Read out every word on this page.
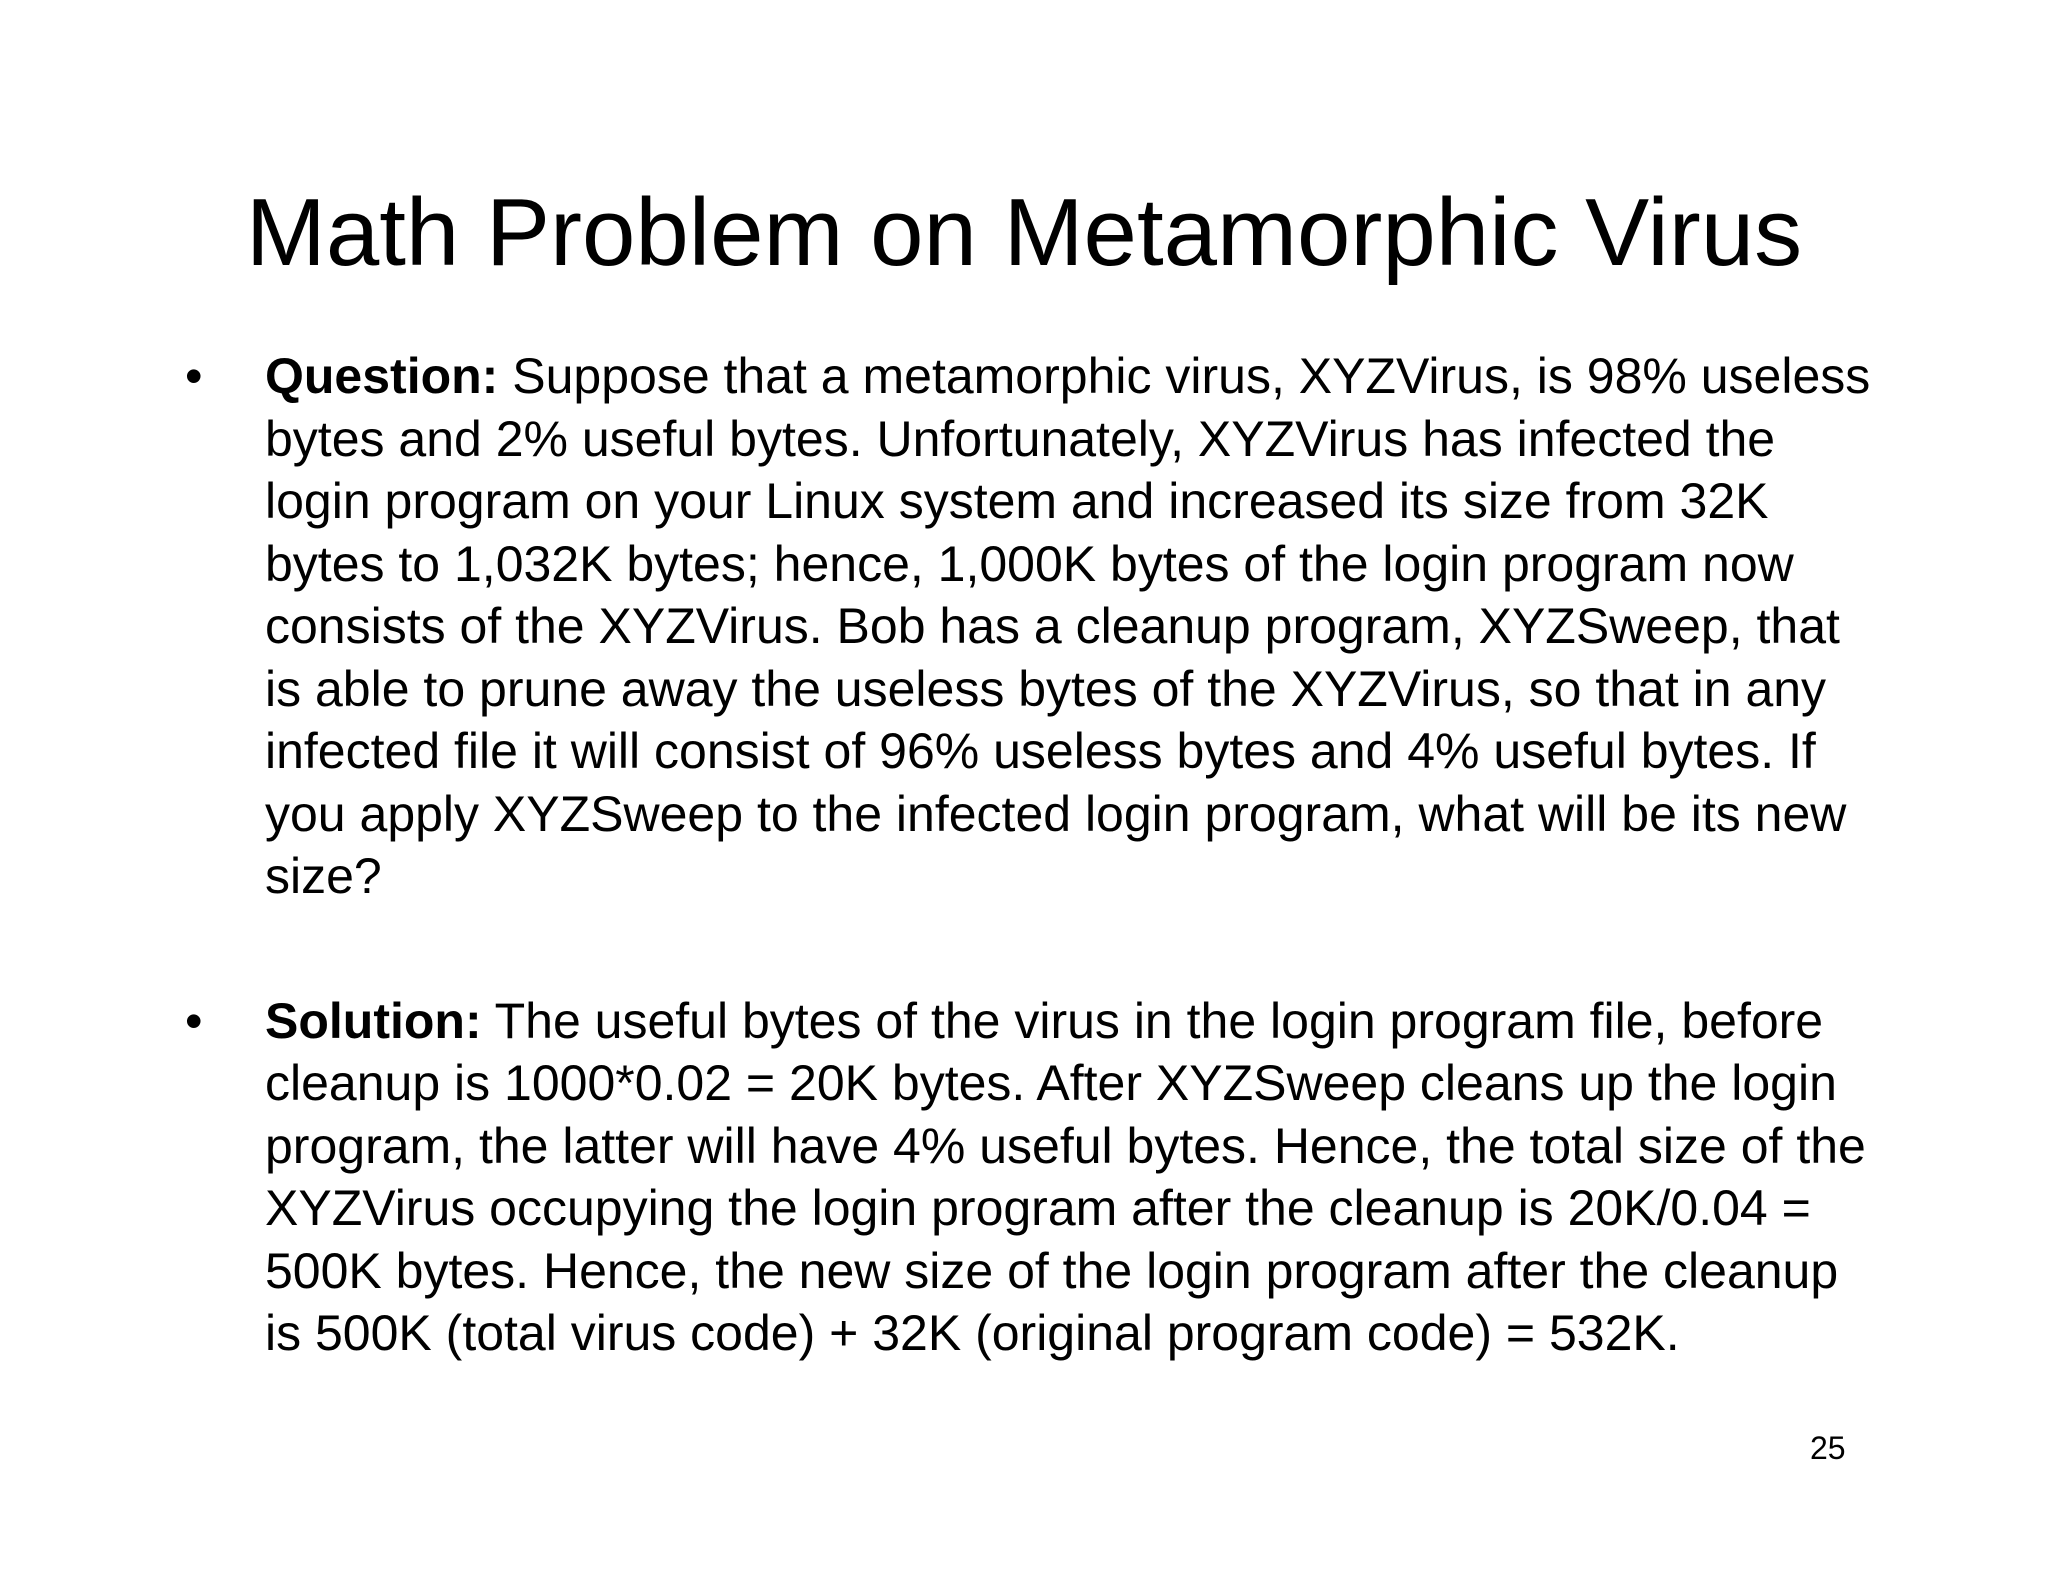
Math Problem on Metamorphic Virus
•	Question: Suppose that a metamorphic virus, XYZVirus, is 98% useless bytes and 2% useful bytes. Unfortunately, XYZVirus has infected the login program on your Linux system and increased its size from 32K bytes to 1,032K bytes; hence, 1,000K bytes of the login program now consists of the XYZVirus. Bob has a cleanup program, XYZSweep, that is able to prune away the useless bytes of the XYZVirus, so that in any infected file it will consist of 96% useless bytes and 4% useful bytes. If you apply XYZSweep to the infected login program, what will be its new size?
•	Solution: The useful bytes of the virus in the login program file, before cleanup is 1000*0.02 = 20K bytes. After XYZSweep cleans up the login program, the latter will have 4% useful bytes. Hence, the total size of the XYZVirus occupying the login program after the cleanup is 20K/0.04 = 500K bytes. Hence, the new size of the login program after the cleanup is 500K (total virus code) + 32K (original program code) = 532K.
25
